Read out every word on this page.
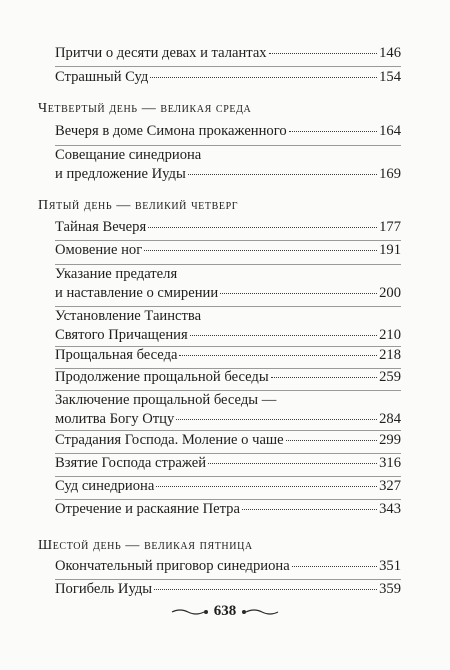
Притчи о десяти девах и талантах	146
Страшный Суд	154
Четвертый день — великая среда
Вечеря в доме Симона прокаженного	164
Совещание синедриона
и предложение Иуды	169
Пятый день — великий четверг
Тайная Вечеря	177
Омовение ног	191
Указание предателя
и наставление о смирении	200
Установление Таинства
Святого Причащения	210
Прощальная беседа	218
Продолжение прощальной беседы	259
Заключение прощальной беседы —
молитва Богу Отцу	284
Страдания Господа. Моление о чаше	299
Взятие Господа стражей	316
Суд синедриона	327
Отречение и раскаяние Петра	343
Шестой день — великая пятница
Окончательный приговор синедриона	351
Погибель Иуды	359
638
